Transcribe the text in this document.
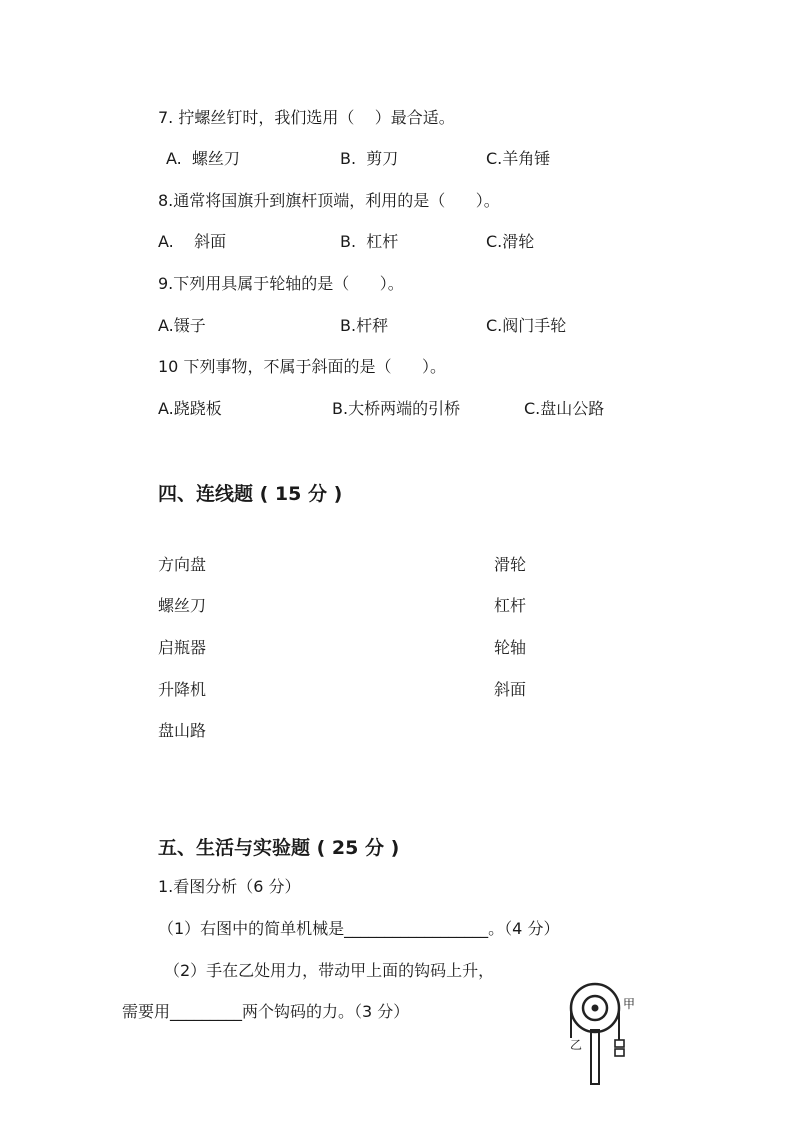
7. 拧螺丝钉时，我们选用（    ）最合适。
A.  螺丝刀	B.  剪刀	C.羊角锤
8.通常将国旗升到旗杆顶端，利用的是（      ）。
A.    斜面	B.  杠杆	C.滑轮
9.下列用具属于轮轴的是（      ）。
A.镊子	B.杆秤	C.阀门手轮
10 下列事物，不属于斜面的是（      ）。
A.跷跷板	B.大桥两端的引桥	C.盘山公路
四、连线题 ( 15 分 )
方向盘
螺丝刀
启瓶器
升降机
盘山路
滑轮
杠杆
轮轴
斜面
五、生活与实验题 ( 25 分 )
1.看图分析（6 分）
（1）右图中的简单机械是__________________。（4 分）
（2）手在乙处用力，带动甲上面的钩码上升，
需要用_________两个钩码的力。（3 分）	甲
乙
